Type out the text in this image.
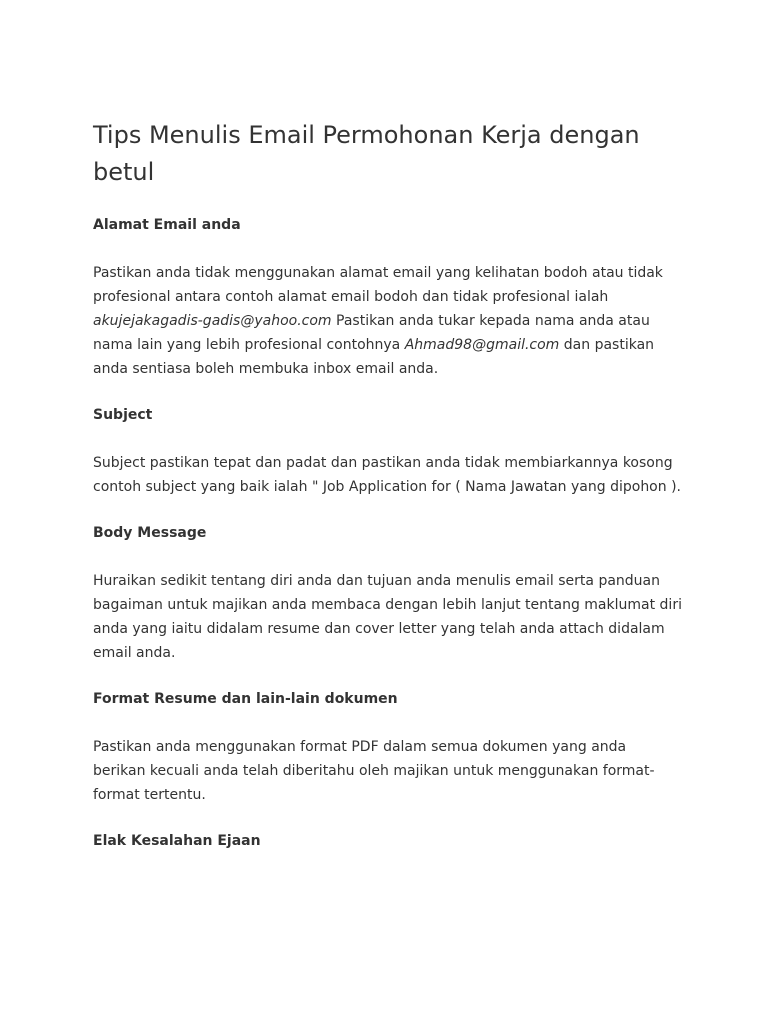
Tips Menulis Email Permohonan Kerja dengan betul
Alamat Email anda

Pastikan anda tidak menggunakan alamat email yang kelihatan bodoh atau tidak profesional antara contoh alamat email bodoh dan tidak profesional ialah akujejakagadis-gadis@yahoo.com Pastikan anda tukar kepada nama anda atau nama lain yang lebih profesional contohnya Ahmad98@gmail.com dan pastikan anda sentiasa boleh membuka inbox email anda.

Subject

Subject pastikan tepat dan padat dan pastikan anda tidak membiarkannya kosong contoh subject yang baik ialah " Job Application for ( Nama Jawatan yang dipohon ).

Body Message

Huraikan sedikit tentang diri anda dan tujuan anda menulis email serta panduan bagaiman untuk majikan anda membaca dengan lebih lanjut tentang maklumat diri anda yang iaitu didalam resume dan cover letter yang telah anda attach didalam email anda.

Format Resume dan lain-lain dokumen

Pastikan anda menggunakan format PDF dalam semua dokumen yang anda berikan kecuali anda telah diberitahu oleh majikan untuk menggunakan format-format tertentu.

Elak Kesalahan Ejaan
